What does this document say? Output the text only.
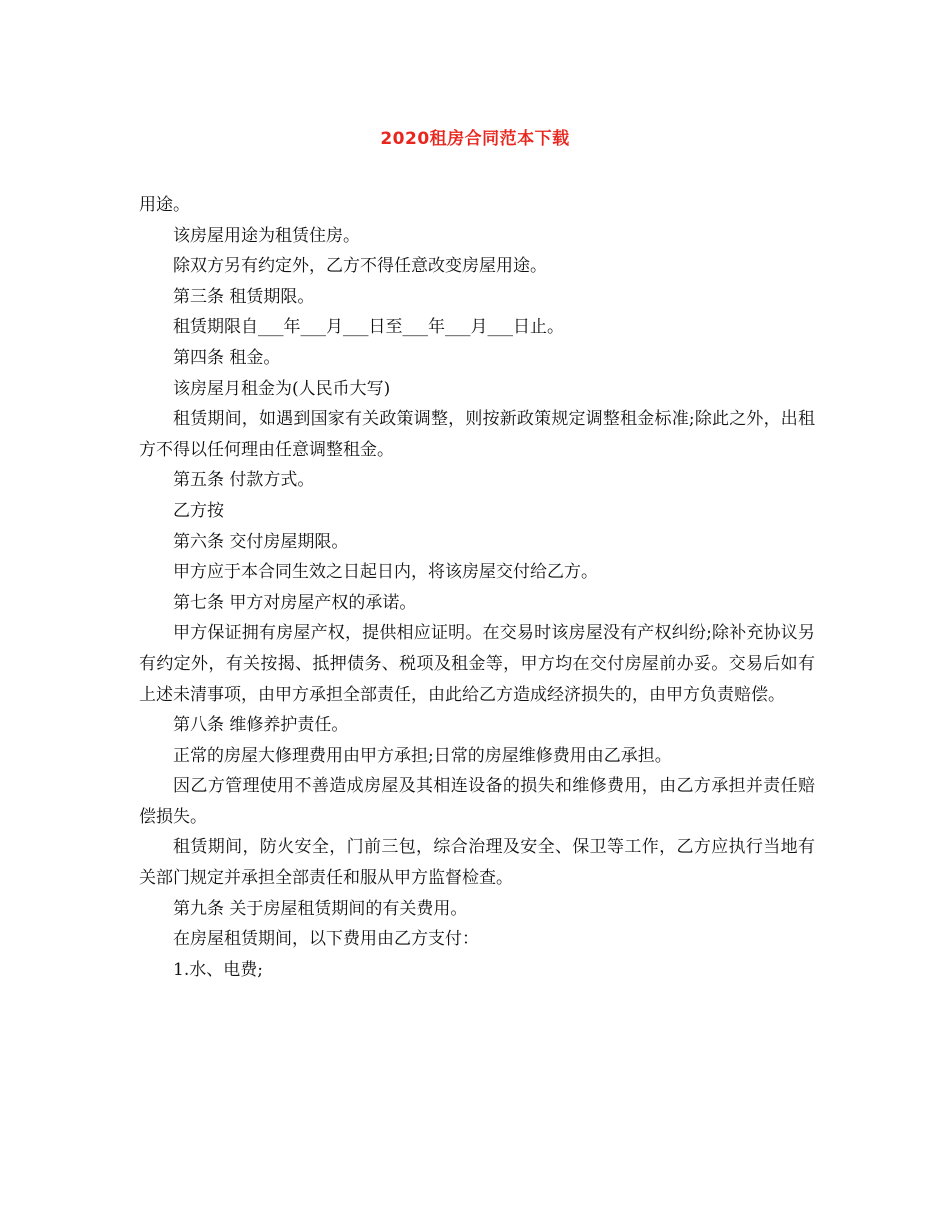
2020租房合同范本下载

用途。

该房屋用途为租赁住房。

除双方另有约定外，乙方不得任意改变房屋用途。

第三条 租赁期限。

租赁期限自___年___月___日至___年___月___日止。

第四条 租金。

该房屋月租金为(人民币大写)

租赁期间，如遇到国家有关政策调整，则按新政策规定调整租金标准;除此之外，出租方不得以任何理由任意调整租金。

第五条 付款方式。

乙方按

第六条 交付房屋期限。

甲方应于本合同生效之日起日内，将该房屋交付给乙方。

第七条 甲方对房屋产权的承诺。

甲方保证拥有房屋产权，提供相应证明。在交易时该房屋没有产权纠纷;除补充协议另有约定外，有关按揭、抵押债务、税项及租金等，甲方均在交付房屋前办妥。交易后如有上述未清事项，由甲方承担全部责任，由此给乙方造成经济损失的，由甲方负责赔偿。

第八条 维修养护责任。

正常的房屋大修理费用由甲方承担;日常的房屋维修费用由乙承担。

因乙方管理使用不善造成房屋及其相连设备的损失和维修费用，由乙方承担并责任赔偿损失。

租赁期间，防火安全，门前三包，综合治理及安全、保卫等工作，乙方应执行当地有关部门规定并承担全部责任和服从甲方监督检查。

第九条 关于房屋租赁期间的有关费用。

在房屋租赁期间，以下费用由乙方支付：

1.水、电费;
